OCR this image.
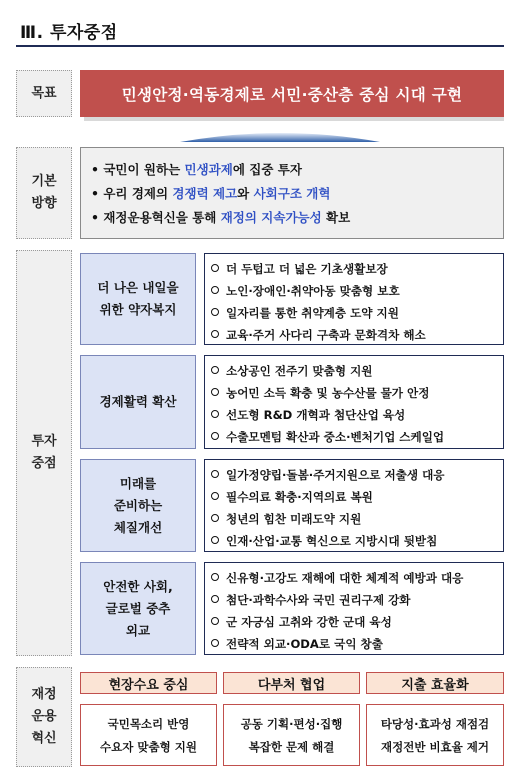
Ⅲ. 투자중점
목표	민생안정·역동경제로 서민·중산층 중심 시대 구현
기본
방향
• 국민이 원하는 민생과제에 집중 투자
• 우리 경제의 경쟁력 제고와 사회구조 개혁
• 재정운용혁신을 통해 재정의 지속가능성 확보
투자
중점
더 나은 내일을
위한 약자복지
더 두텁고 더 넓은 기초생활보장
노인·장애인·취약아동 맞춤형 보호
일자리를 통한 취약계층 도약 지원
교육·주거 사다리 구축과 문화격차 해소
경제활력 확산
소상공인 전주기 맞춤형 지원
농어민 소득 확충 및 농수산물 물가 안정
선도형 R&D 개혁과 첨단산업 육성
수출모멘텀 확산과 중소·벤처기업 스케일업
미래를
준비하는
체질개선
일가정양립·돌봄·주거지원으로 저출생 대응
필수의료 확충·지역의료 복원
청년의 힘찬 미래도약 지원
인재·산업·교통 혁신으로 지방시대 뒷받침
안전한 사회,
글로벌 중추
외교
신유형·고강도 재해에 대한 체계적 예방과 대응
첨단·과학수사와 국민 권리구제 강화
군 자긍심 고취와 강한 군대 육성
전략적 외교·ODA로 국익 창출
재정
운용
혁신
현장수요 중심
국민목소리 반영
수요자 맞춤형 지원
다부처 협업
공동 기획·편성·집행
복잡한 문제 해결
지출 효율화
타당성·효과성 재점검
재정전반 비효율 제거
